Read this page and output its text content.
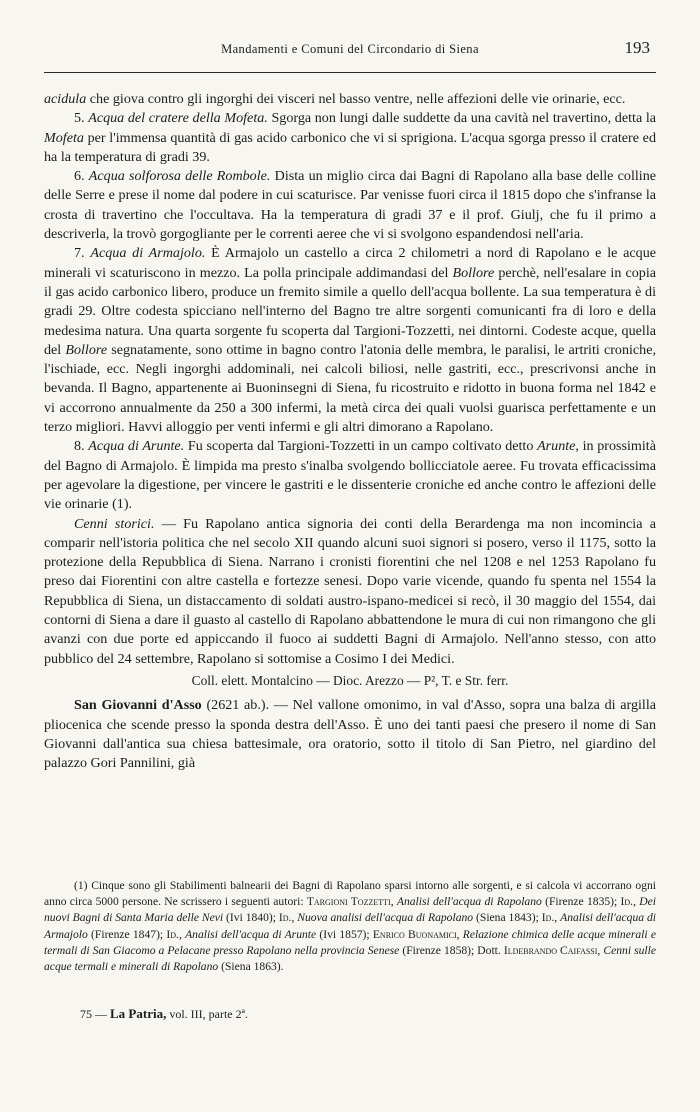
Mandamenti e Comuni del Circondario di Siena	193

acidula che giova contro gli ingorghi dei visceri nel basso ventre, nelle affezioni delle vie orinarie, ecc.

5. Acqua del cratere della Mofeta. Sgorga non lungi dalle suddette da una cavità nel travertino, detta la Mofeta per l'immensa quantità di gas acido carbonico che vi si sprigiona. L'acqua sgorga presso il cratere ed ha la temperatura di gradi 39.

6. Acqua solforosa delle Rombole. Dista un miglio circa dai Bagni di Rapolano alla base delle colline delle Serre e prese il nome dal podere in cui scaturisce. Par venisse fuori circa il 1815 dopo che s'infranse la crosta di travertino che l'occultava. Ha la temperatura di gradi 37 e il prof. Giulj, che fu il primo a descriverla, la trovò gorgogliante per le correnti aeree che vi si svolgono espandendosi nell'aria.

7. Acqua di Armajolo. È Armajolo un castello a circa 2 chilometri a nord di Rapolano e le acque minerali vi scaturiscono in mezzo. La polla principale addimandasi del Bollore perchè, nell'esalare in copia il gas acido carbonico libero, produce un fremito simile a quello dell'acqua bollente. La sua temperatura è di gradi 29. Oltre codesta spicciano nell'interno del Bagno tre altre sorgenti comunicanti fra di loro e della medesima natura. Una quarta sorgente fu scoperta dal Targioni-Tozzetti, nei dintorni. Codeste acque, quella del Bollore segnatamente, sono ottime in bagno contro l'atonia delle membra, le paralisi, le artriti croniche, l'ischiade, ecc. Negli ingorghi addominali, nei calcoli biliosi, nelle gastriti, ecc., prescrivonsi anche in bevanda. Il Bagno, appartenente ai Buoninsegni di Siena, fu ricostruito e ridotto in buona forma nel 1842 e vi accorrono annualmente da 250 a 300 infermi, la metà circa dei quali vuolsi guarisca perfettamente e un terzo migliori. Havvi alloggio per venti infermi e gli altri dimorano a Rapolano.

8. Acqua di Arunte. Fu scoperta dal Targioni-Tozzetti in un campo coltivato detto Arunte, in prossimità del Bagno di Armajolo. È limpida ma presto s'inalba svolgendo bollicciatole aeree. Fu trovata efficacissima per agevolare la digestione, per vincere le gastriti e le dissenterie croniche ed anche contro le affezioni delle vie orinarie (1).

Cenni storici. — Fu Rapolano antica signoria dei conti della Berardenga ma non incomincia a comparir nell'istoria politica che nel secolo XII quando alcuni suoi signori si posero, verso il 1175, sotto la protezione della Repubblica di Siena. Narrano i cronisti fiorentini che nel 1208 e nel 1253 Rapolano fu preso dai Fiorentini con altre castella e fortezze senesi. Dopo varie vicende, quando fu spenta nel 1554 la Repubblica di Siena, un distaccamento di soldati austro-ispano-medicei si recò, il 30 maggio del 1554, dai contorni di Siena a dare il guasto al castello di Rapolano abbattendone le mura di cui non rimangono che gli avanzi con due porte ed appiccando il fuoco ai suddetti Bagni di Armajolo. Nell'anno stesso, con atto pubblico del 24 settembre, Rapolano si sottomise a Cosimo I dei Medici.

Coll. elett. Montalcino — Dioc. Arezzo — P², T. e Str. ferr.

San Giovanni d'Asso (2621 ab.). — Nel vallone omonimo, in val d'Asso, sopra una balza di argilla pliocenica che scende presso la sponda destra dell'Asso. È uno dei tanti paesi che presero il nome di San Giovanni dall'antica sua chiesa battesimale, ora oratorio, sotto il titolo di San Pietro, nel giardino del palazzo Gori Pannilini, già

(1) Cinque sono gli Stabilimenti balnearii dei Bagni di Rapolano sparsi intorno alle sorgenti, e si calcola vi accorrano ogni anno circa 5000 persone. Ne scrissero i seguenti autori: Targioni Tozzetti, Analisi dell'acqua di Rapolano (Firenze 1835); Id., Dei nuovi Bagni di Santa Maria delle Nevi (Ivi 1840); Id., Nuova analisi dell'acqua di Rapolano (Siena 1843); Id., Analisi dell'acqua di Armajolo (Firenze 1847); Id., Analisi dell'acqua di Arunte (Ivi 1857); Enrico Buonamici, Relazione chimica delle acque minerali e termali di San Giacomo a Pelacane presso Rapolano nella provincia Senese (Firenze 1858); Dott. Ildebrando Caifassi, Cenni sulle acque termali e minerali di Rapolano (Siena 1863).

75 — La Patria, vol. III, parte 2ª.
